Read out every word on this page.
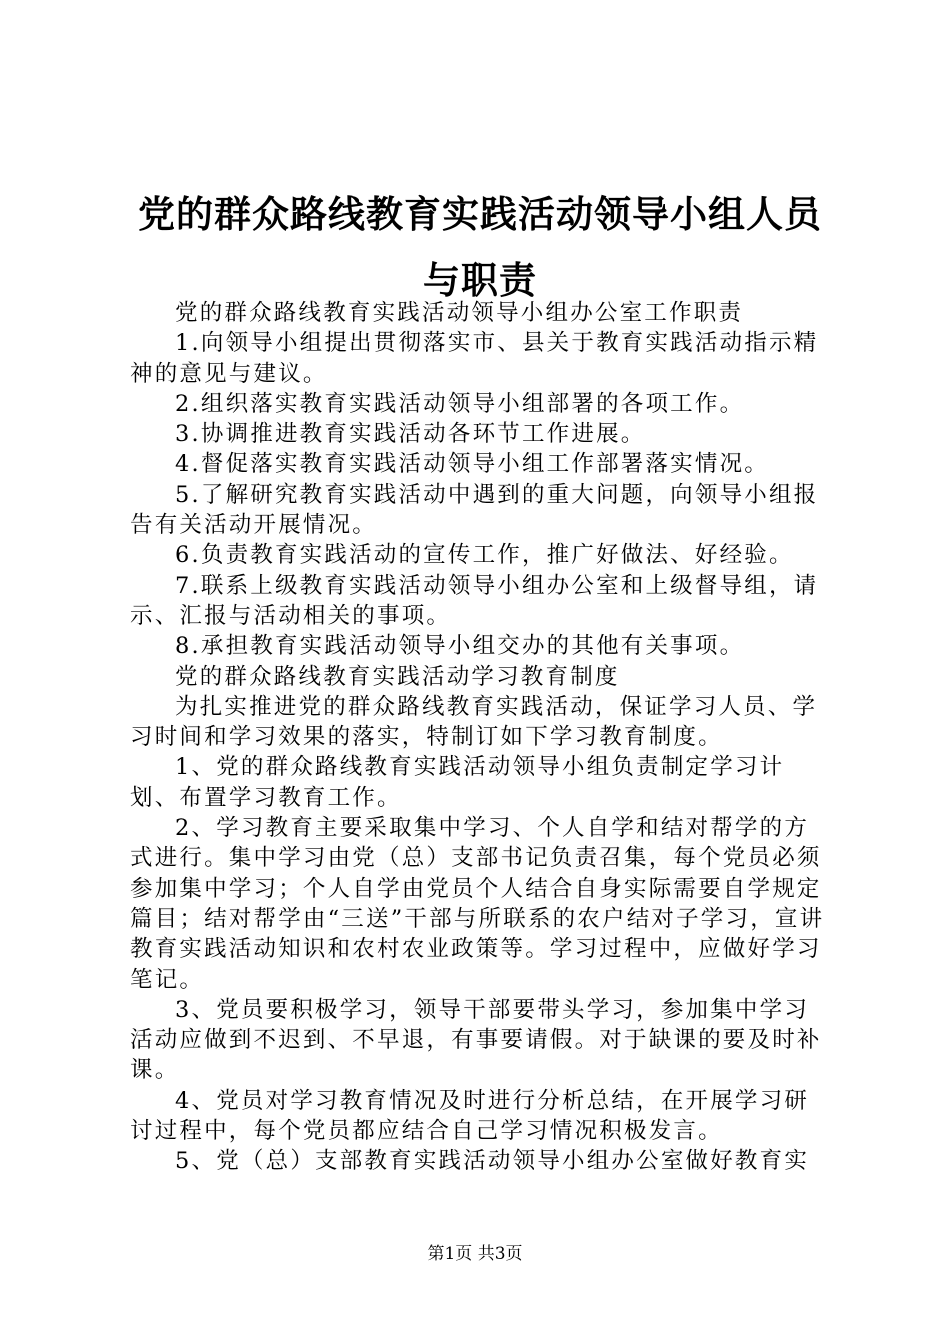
党的群众路线教育实践活动领导小组人员与职责

党的群众路线教育实践活动领导小组办公室工作职责

1.向领导小组提出贯彻落实市、县关于教育实践活动指示精神的意见与建议。

2.组织落实教育实践活动领导小组部署的各项工作。

3.协调推进教育实践活动各环节工作进展。

4.督促落实教育实践活动领导小组工作部署落实情况。

5.了解研究教育实践活动中遇到的重大问题，向领导小组报告有关活动开展情况。

6.负责教育实践活动的宣传工作，推广好做法、好经验。

7.联系上级教育实践活动领导小组办公室和上级督导组，请示、汇报与活动相关的事项。

8.承担教育实践活动领导小组交办的其他有关事项。

党的群众路线教育实践活动学习教育制度

为扎实推进党的群众路线教育实践活动，保证学习人员、学习时间和学习效果的落实，特制订如下学习教育制度。

1、党的群众路线教育实践活动领导小组负责制定学习计划、布置学习教育工作。

2、学习教育主要采取集中学习、个人自学和结对帮学的方式进行。集中学习由党（总）支部书记负责召集，每个党员必须参加集中学习；个人自学由党员个人结合自身实际需要自学规定篇目；结对帮学由“三送”干部与所联系的农户结对子学习，宣讲教育实践活动知识和农村农业政策等。学习过程中，应做好学习笔记。

3、党员要积极学习，领导干部要带头学习，参加集中学习活动应做到不迟到、不早退，有事要请假。对于缺课的要及时补课。

4、党员对学习教育情况及时进行分析总结，在开展学习研讨过程中，每个党员都应结合自己学习情况积极发言。

5、党（总）支部教育实践活动领导小组办公室做好教育实

第1页 共3页
